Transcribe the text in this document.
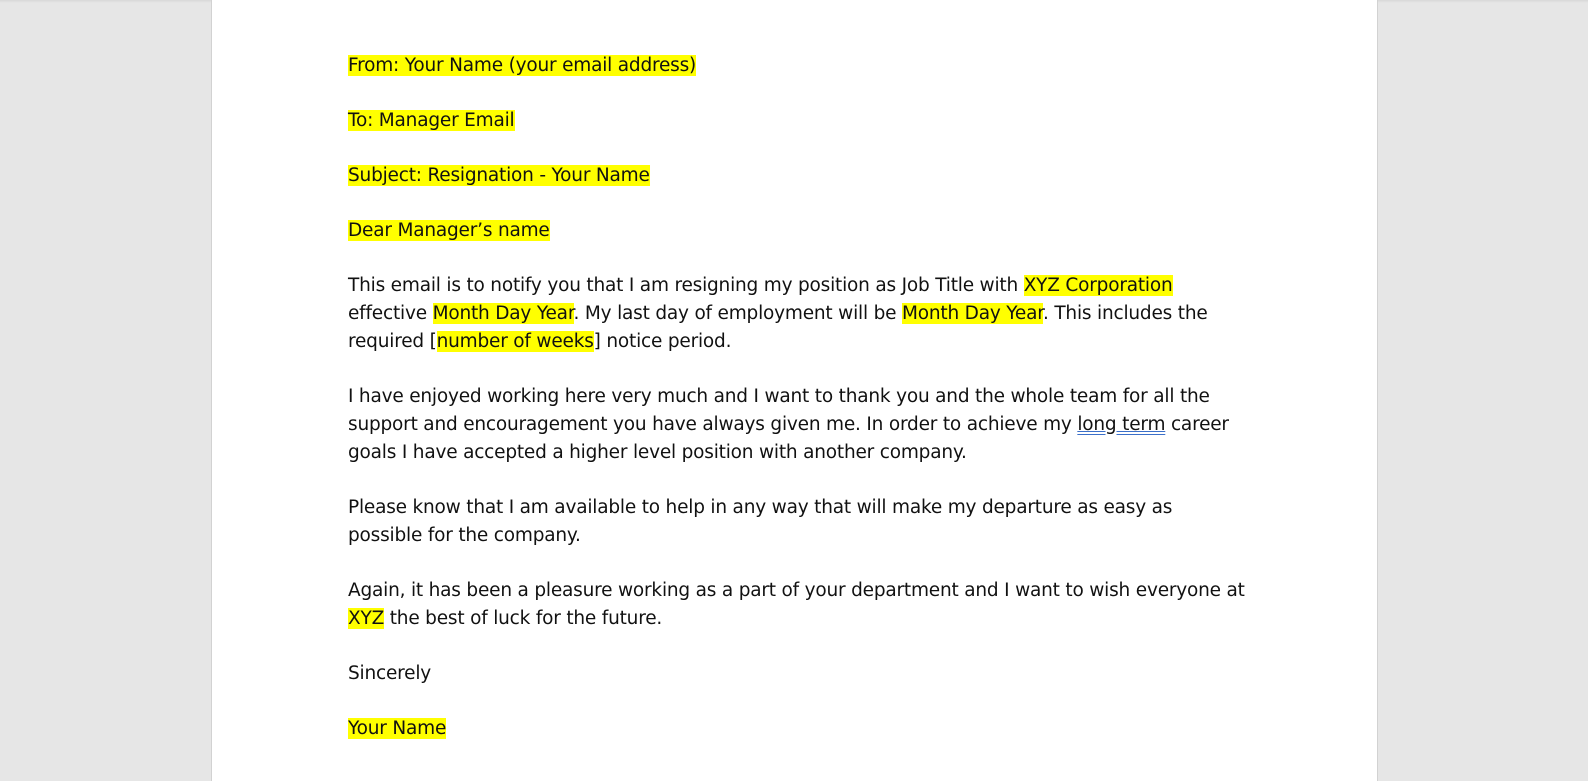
From: Your Name (your email address)

To: Manager Email

Subject: Resignation - Your Name

Dear Manager’s name

This email is to notify you that I am resigning my position as Job Title with XYZ Corporation effective Month Day Year. My last day of employment will be Month Day Year. This includes the required [number of weeks] notice period.

I have enjoyed working here very much and I want to thank you and the whole team for all the support and encouragement you have always given me. In order to achieve my long term career goals I have accepted a higher level position with another company.

Please know that I am available to help in any way that will make my departure as easy as possible for the company.

Again, it has been a pleasure working as a part of your department and I want to wish everyone at XYZ the best of luck for the future.

Sincerely

Your Name
